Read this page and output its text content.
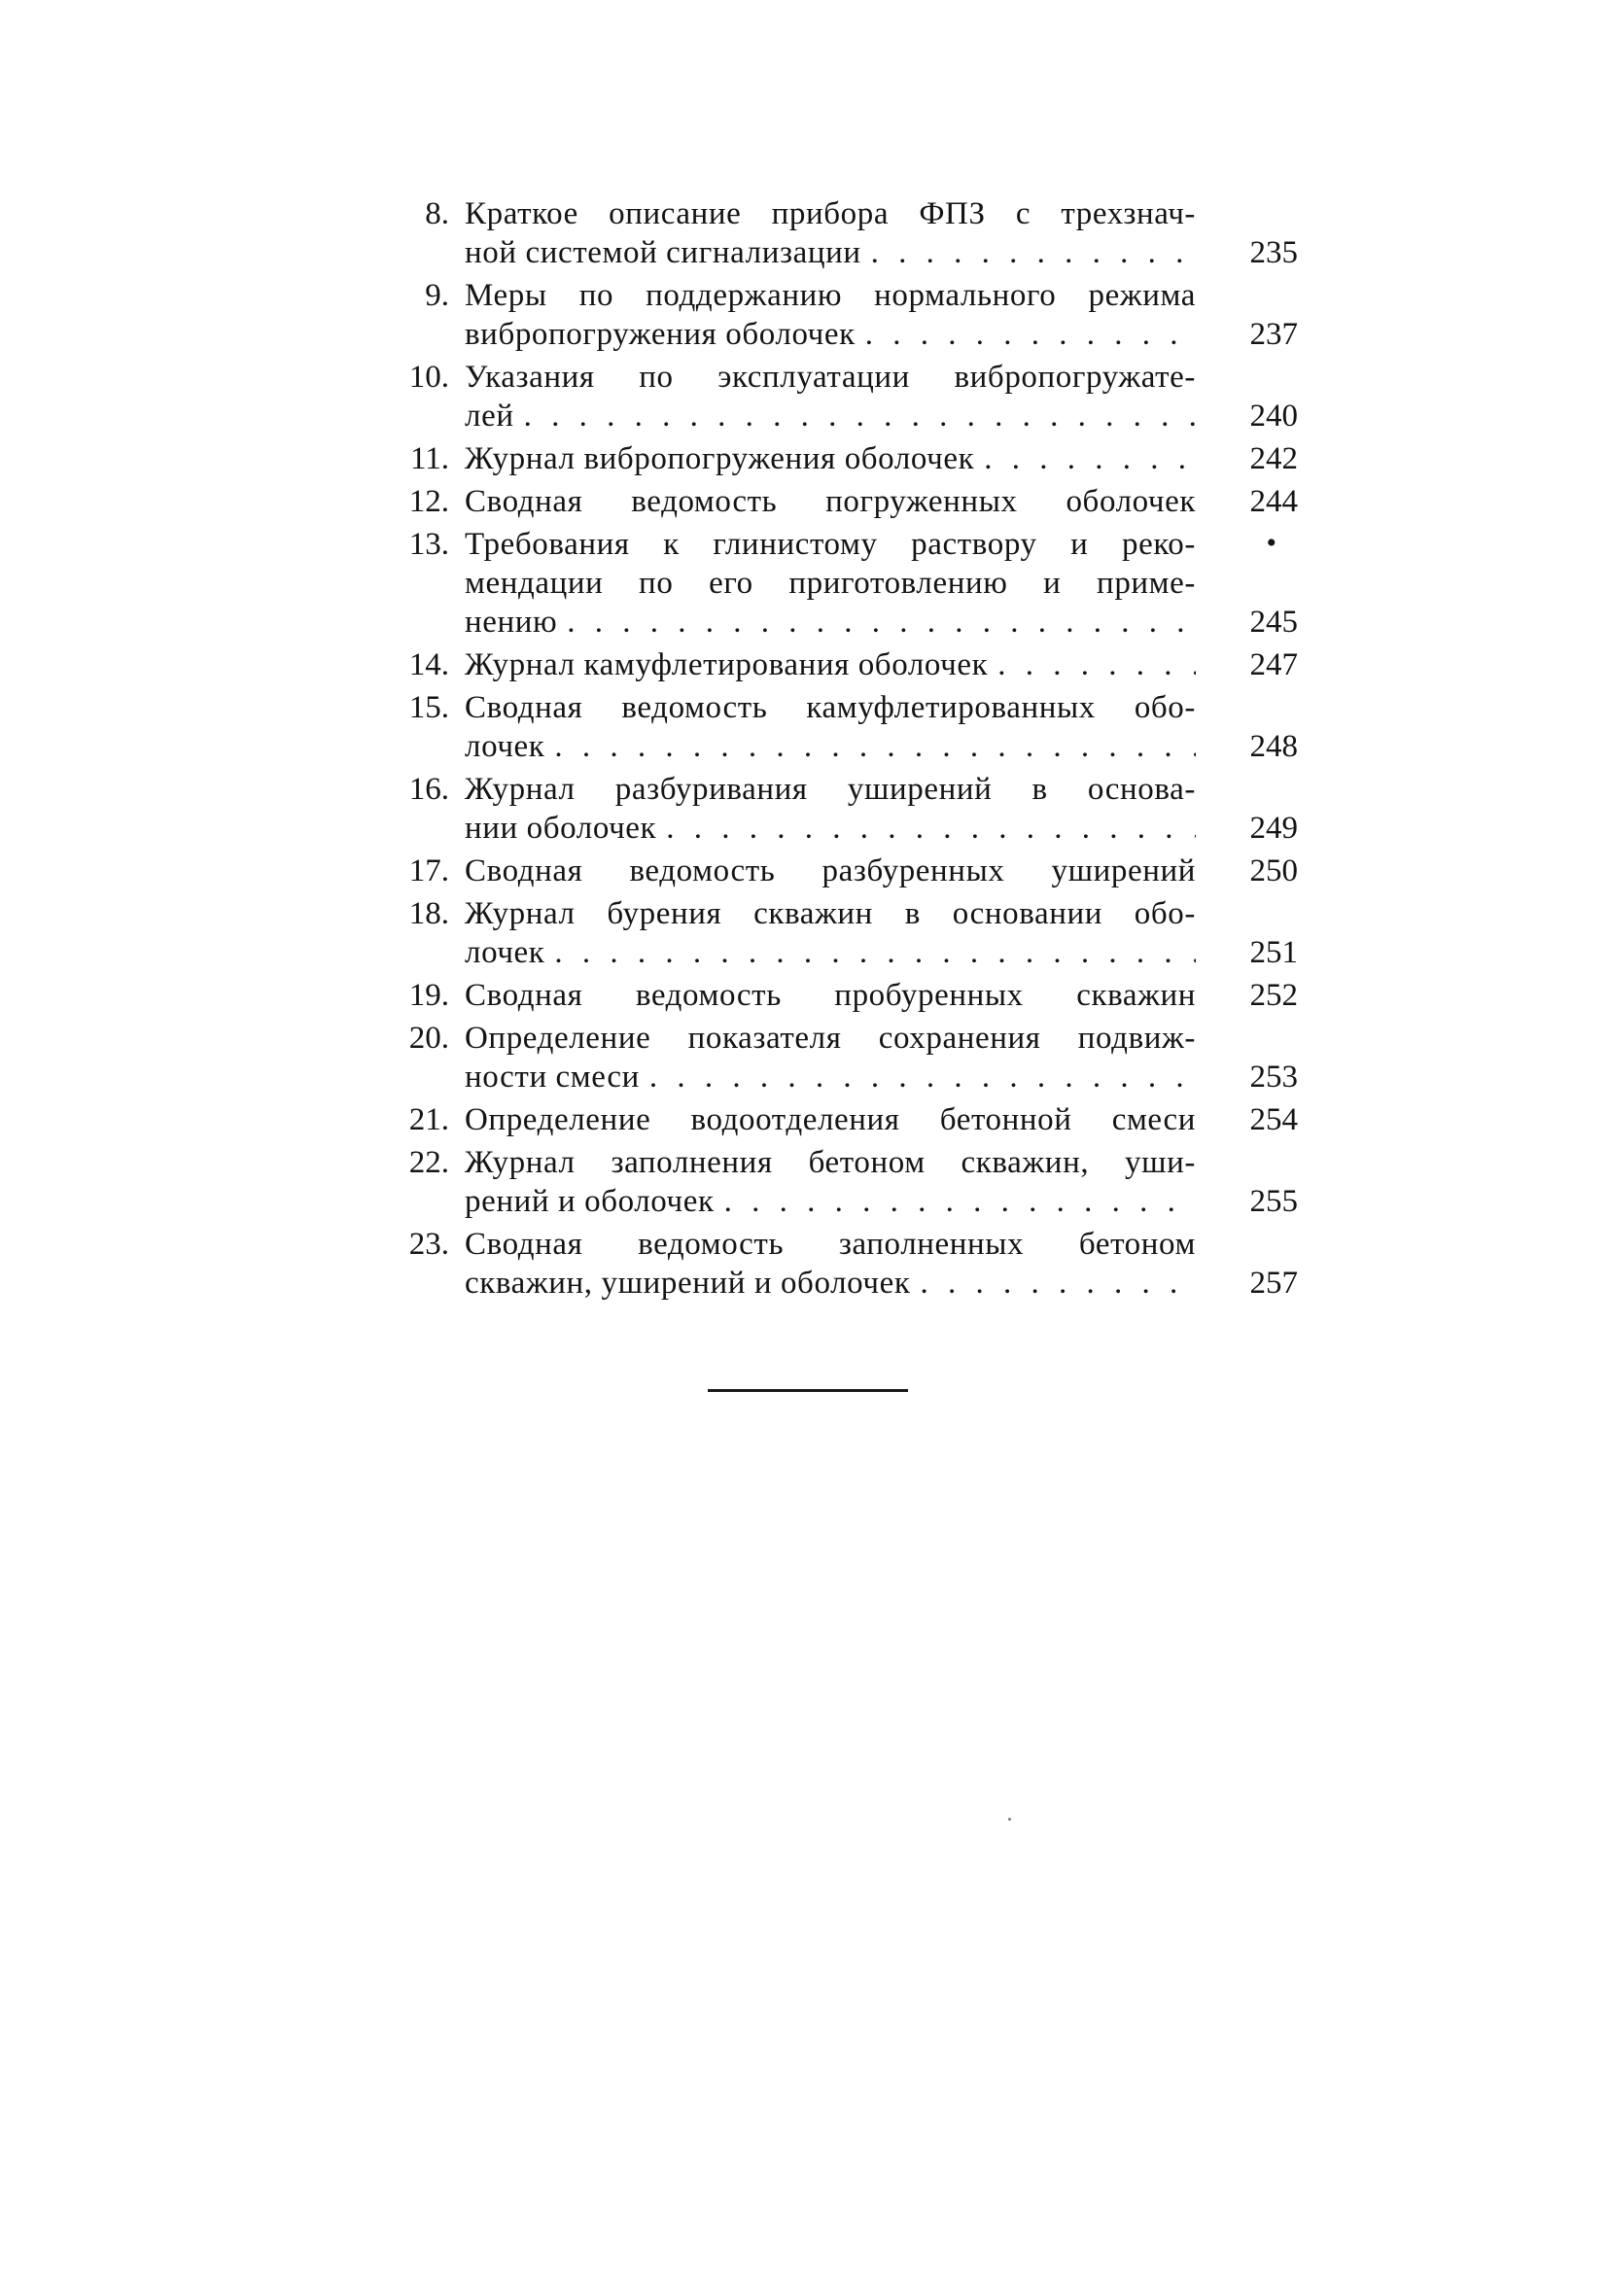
8. Краткое описание прибора ФПЗ с трехзнач-
ной системой сигнализации . . .	235
9. Меры по поддержанию нормального режима
вибропогружения оболочек . . .	237
10. Указания по эксплуатации вибропогружате-
лей . . .	240
11. Журнал вибропогружения оболочек . . .	242
12. Сводная ведомость погруженных оболочек	244
13. Требования к глинистому раствору и реко-
мендации по его приготовлению и приме-
нению . . .	245
•
14. Журнал камуфлетирования оболочек . . .	247
15. Сводная ведомость камуфлетированных обо-
лочек . . .	248
16. Журнал разбуривания уширений в основа-
нии оболочек . . .	249
17. Сводная ведомость разбуренных уширений	250
18. Журнал бурения скважин в основании обо-
лочек . . .	251
19. Сводная ведомость пробуренных скважин	252
20. Определение показателя сохранения подвиж-
ности смеси . . .	253
21. Определение водоотделения бетонной смеси	254
22. Журнал заполнения бетоном скважин, уши-
рений и оболочек . . .	255
23. Сводная ведомость заполненных бетоном
скважин, уширений и оболочек . . .	257
